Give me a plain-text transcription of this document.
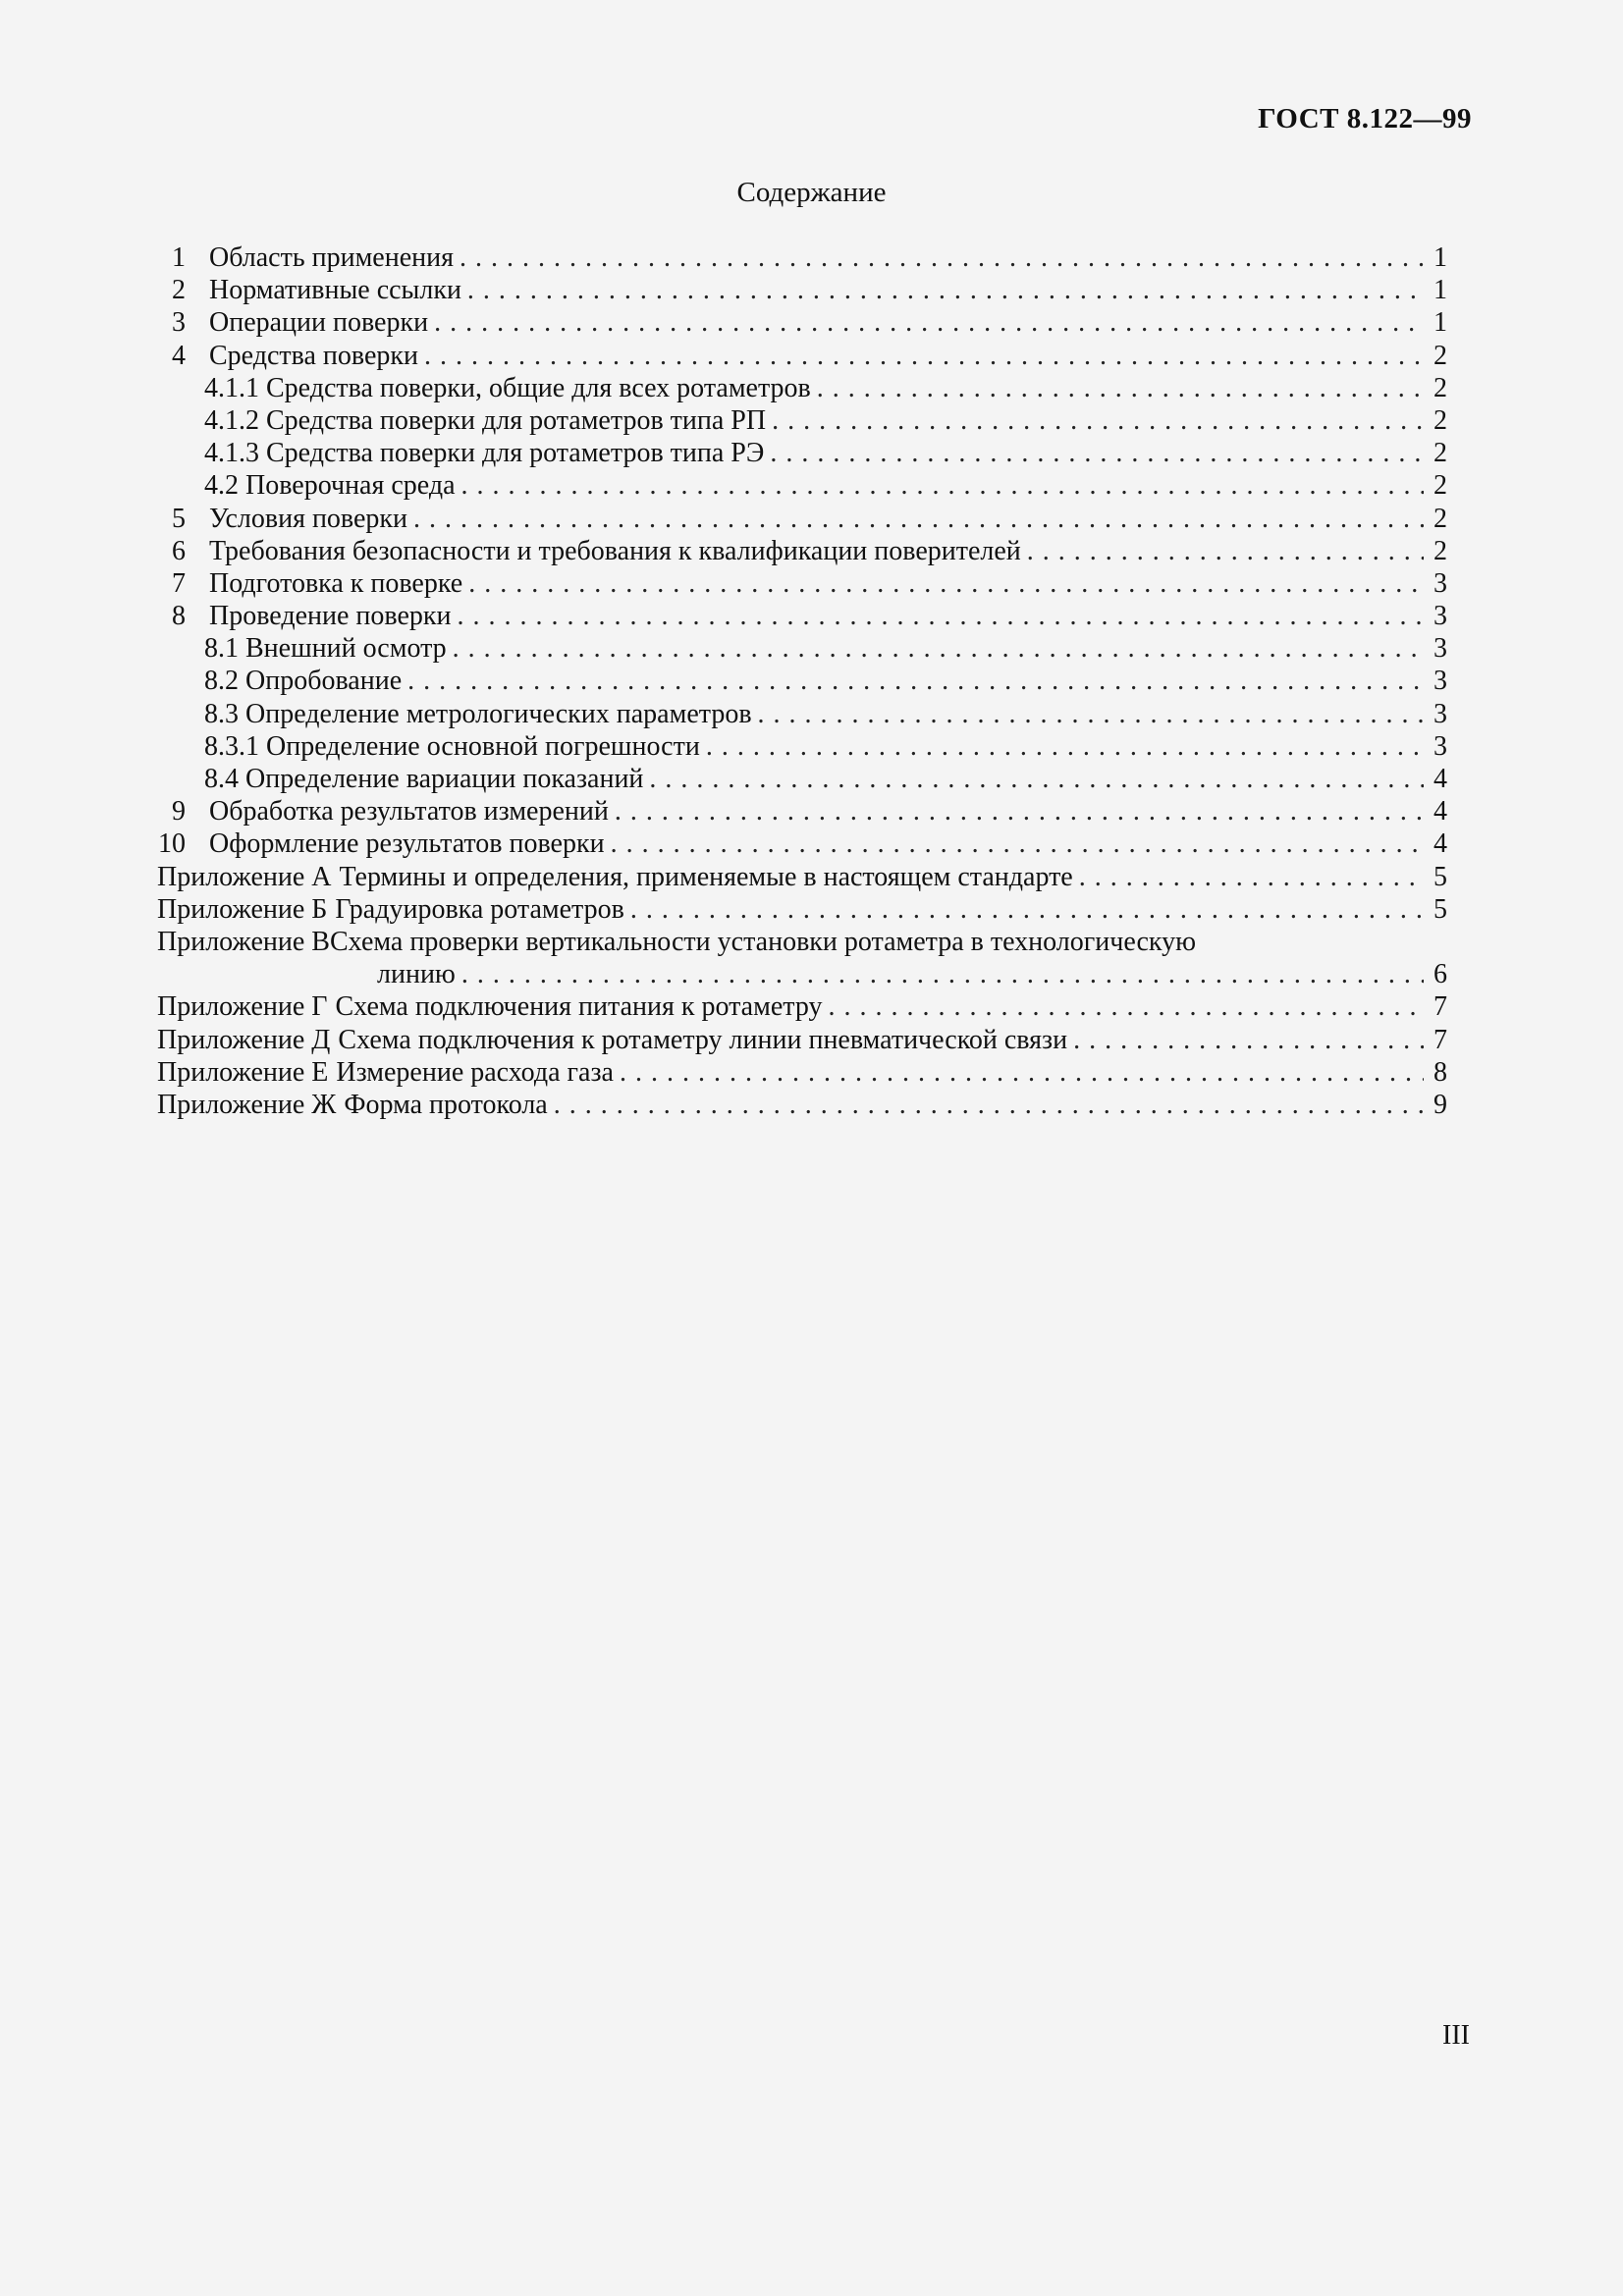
ГОСТ 8.122—99
Содержание
1 Область применения . . .	1
2 Нормативные ссылки . . .	1
3 Операции поверки . . .	1
4 Средства поверки . . .	2
4.1.1 Средства поверки, общие для всех ротаметров . . .	2
4.1.2 Средства поверки для ротаметров типа РП . . .	2
4.1.3 Средства поверки для ротаметров типа РЭ . . .	2
4.2 Поверочная среда . . .	2
5 Условия поверки . . .	2
6 Требования безопасности и требования к квалификации поверителей . . .	2
7 Подготовка к поверке . . .	3
8 Проведение поверки . . .	3
8.1 Внешний осмотр . . .	3
8.2 Опробование . . .	3
8.3 Определение метрологических параметров . . .	3
8.3.1 Определение основной погрешности . . .	3
8.4 Определение вариации показаний . . .	4
9 Обработка результатов измерений . . .	4
10 Оформление результатов поверки . . .	4
Приложение А Термины и определения, применяемые в настоящем стандарте . . .	5
Приложение Б Градуировка ротаметров . . .	5
Приложение В Схема проверки вертикальности установки ротаметра в технологическую
линию . . .	6
Приложение Г Схема подключения питания к ротаметру . . .	7
Приложение Д Схема подключения к ротаметру линии пневматической связи . . .	7
Приложение Е Измерение расхода газа . . .	8
Приложение Ж Форма протокола . . .	9
III
